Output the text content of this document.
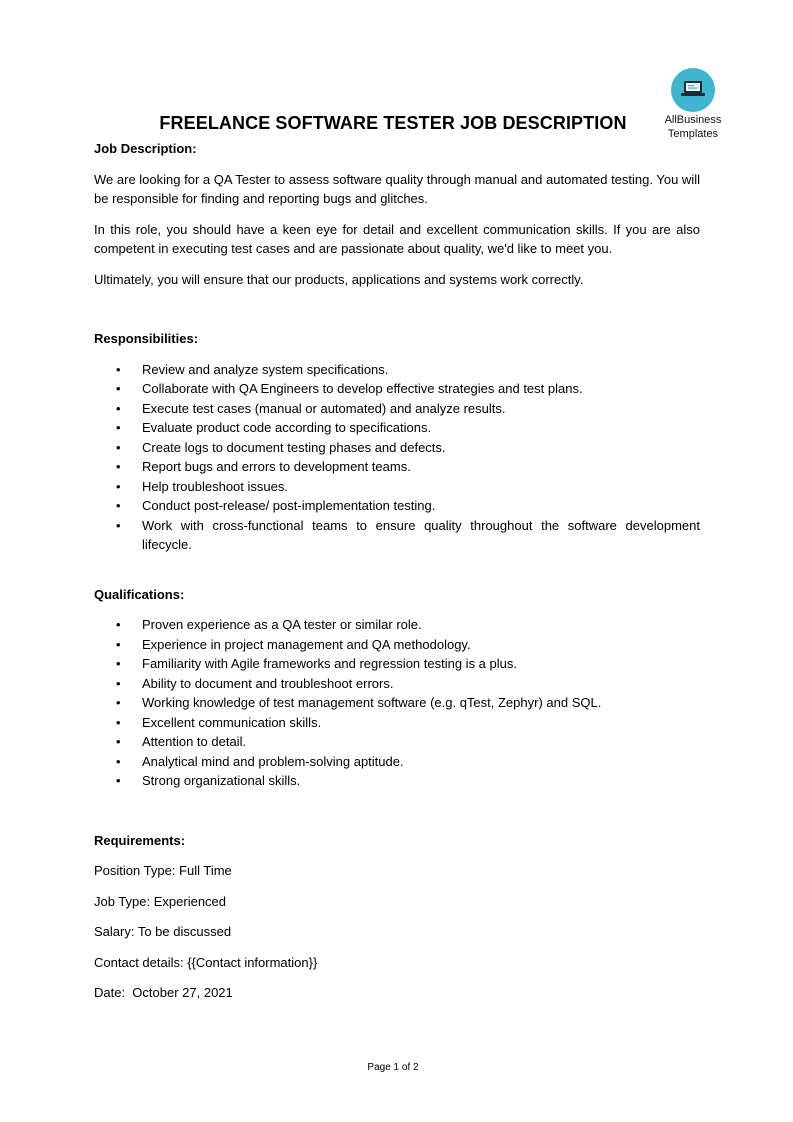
AllBusiness
Templates
FREELANCE SOFTWARE TESTER JOB DESCRIPTION

Job Description:

We are looking for a QA Tester to assess software quality through manual and automated testing. You will be responsible for finding and reporting bugs and glitches.

In this role, you should have a keen eye for detail and excellent communication skills. If you are also competent in executing test cases and are passionate about quality, we'd like to meet you.

Ultimately, you will ensure that our products, applications and systems work correctly.

Responsibilities:

• Review and analyze system specifications.
• Collaborate with QA Engineers to develop effective strategies and test plans.
• Execute test cases (manual or automated) and analyze results.
• Evaluate product code according to specifications.
• Create logs to document testing phases and defects.
• Report bugs and errors to development teams.
• Help troubleshoot issues.
• Conduct post-release/ post-implementation testing.
• Work with cross-functional teams to ensure quality throughout the software development lifecycle.

Qualifications:

• Proven experience as a QA tester or similar role.
• Experience in project management and QA methodology.
• Familiarity with Agile frameworks and regression testing is a plus.
• Ability to document and troubleshoot errors.
• Working knowledge of test management software (e.g. qTest, Zephyr) and SQL.
• Excellent communication skills.
• Attention to detail.
• Analytical mind and problem-solving aptitude.
• Strong organizational skills.

Requirements:

Position Type: Full Time

Job Type: Experienced

Salary: To be discussed

Contact details: {{Contact information}}

Date:  October 27, 2021

Page 1 of 2
